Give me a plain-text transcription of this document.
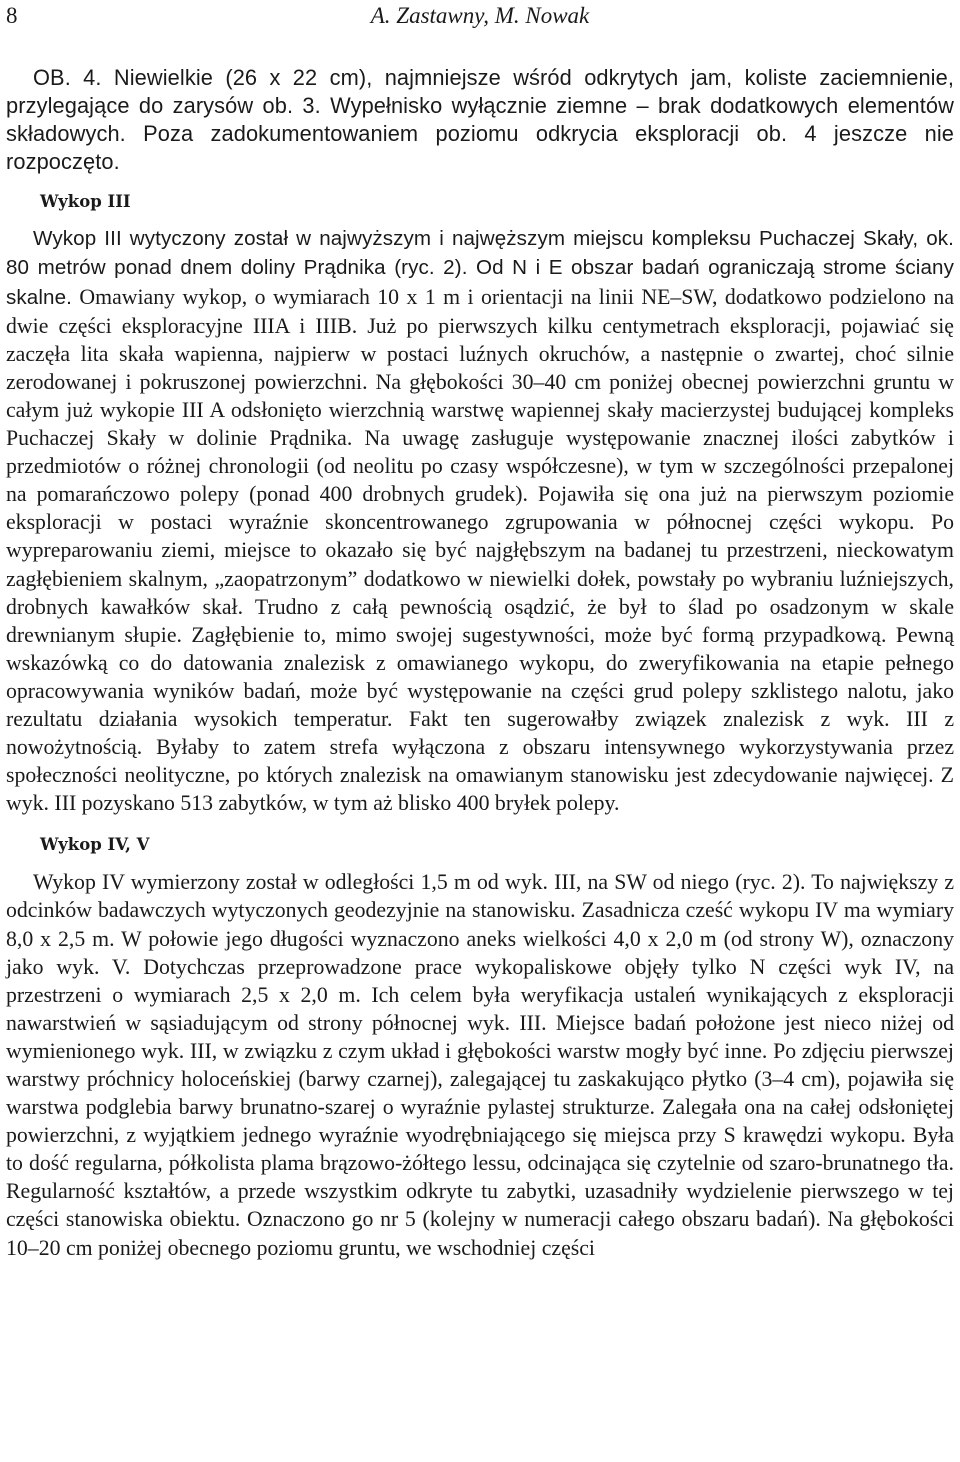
8	A. Zastawny, M. Nowak

OB. 4. Niewielkie (26 x 22 cm), najmniejsze wśród odkrytych jam, koliste zaciemnienie, przylegające do zarysów ob. 3. Wypełnisko wyłącznie ziemne – brak dodatkowych elementów składowych. Poza zadokumentowaniem poziomu odkrycia eksploracji ob. 4 jeszcze nie rozpoczęto.

Wykop III

Wykop III wytyczony został w najwyższym i najwęższym miejscu kompleksu Puchaczej Skały, ok. 80 metrów ponad dnem doliny Prądnika (ryc. 2). Od N i E obszar badań ograniczają strome ściany skalne. Omawiany wykop, o wymiarach 10 x 1 m i orientacji na linii NE–SW, dodatkowo podzielono na dwie części eksploracyjne IIIA i IIIB. Już po pierwszych kilku centymetrach eksploracji, pojawiać się zaczęła lita skała wapienna, najpierw w postaci luźnych okruchów, a następnie o zwartej, choć silnie zerodowanej i pokruszonej powierzchni. Na głębokości 30–40 cm poniżej obecnej powierzchni gruntu w całym już wykopie III A odsłonięto wierzchnią warstwę wapiennej skały macierzystej budującej kompleks Puchaczej Skały w dolinie Prądnika. Na uwagę zasługuje występowanie znacznej ilości zabytków i przedmiotów o różnej chronologii (od neolitu po czasy współczesne), w tym w szczególności przepalonej na pomarańczowo polepy (ponad 400 drobnych grudek). Pojawiła się ona już na pierwszym poziomie eksploracji w postaci wyraźnie skoncentrowanego zgrupowania w północnej części wykopu. Po wypreparowaniu ziemi, miejsce to okazało się być najgłębszym na badanej tu przestrzeni, nieckowatym zagłębieniem skalnym, „zaopatrzonym” dodatkowo w niewielki dołek, powstały po wybraniu luźniejszych, drobnych kawałków skał. Trudno z całą pewnością osądzić, że był to ślad po osadzonym w skale drewnianym słupie. Zagłębienie to, mimo swojej sugestywności, może być formą przypadkową. Pewną wskazówką co do datowania znalezisk z omawianego wykopu, do zweryfikowania na etapie pełnego opracowywania wyników badań, może być występowanie na części grud polepy szklistego nalotu, jako rezultatu działania wysokich temperatur. Fakt ten sugerowałby związek znalezisk z wyk. III z nowożytnością. Byłaby to zatem strefa wyłączona z obszaru intensywnego wykorzystywania przez społeczności neolityczne, po których znalezisk na omawianym stanowisku jest zdecydowanie najwięcej. Z wyk. III pozyskano 513 zabytków, w tym aż blisko 400 bryłek polepy.

Wykop IV, V

Wykop IV wymierzony został w odległości 1,5 m od wyk. III, na SW od niego (ryc. 2). To największy z odcinków badawczych wytyczonych geodezyjnie na stanowisku. Zasadnicza cześć wykopu IV ma wymiary 8,0 x 2,5 m. W połowie jego długości wyznaczono aneks wielkości 4,0 x 2,0 m (od strony W), oznaczony jako wyk. V. Dotychczas przeprowadzone prace wykopaliskowe objęły tylko N części wyk IV, na przestrzeni o wymiarach 2,5 x 2,0 m. Ich celem była weryfikacja ustaleń wynikających z eksploracji nawarstwień w sąsiadującym od strony północnej wyk. III. Miejsce badań położone jest nieco niżej od wymienionego wyk. III, w związku z czym układ i głębokości warstw mogły być inne. Po zdjęciu pierwszej warstwy próchnicy holoceńskiej (barwy czarnej), zalegającej tu zaskakująco płytko (3–4 cm), pojawiła się warstwa podglebia barwy brunatno-szarej o wyraźnie pylastej strukturze. Zalegała ona na całej odsłoniętej powierzchni, z wyjątkiem jednego wyraźnie wyodrębniającego się miejsca przy S krawędzi wykopu. Była to dość regularna, półkolista plama brązowo-żółtego lessu, odcinająca się czytelnie od szaro-brunatnego tła. Regularność kształtów, a przede wszystkim odkryte tu zabytki, uzasadniły wydzielenie pierwszego w tej części stanowiska obiektu. Oznaczono go nr 5 (kolejny w numeracji całego obszaru badań). Na głębokości 10–20 cm poniżej obecnego poziomu gruntu, we wschodniej części
